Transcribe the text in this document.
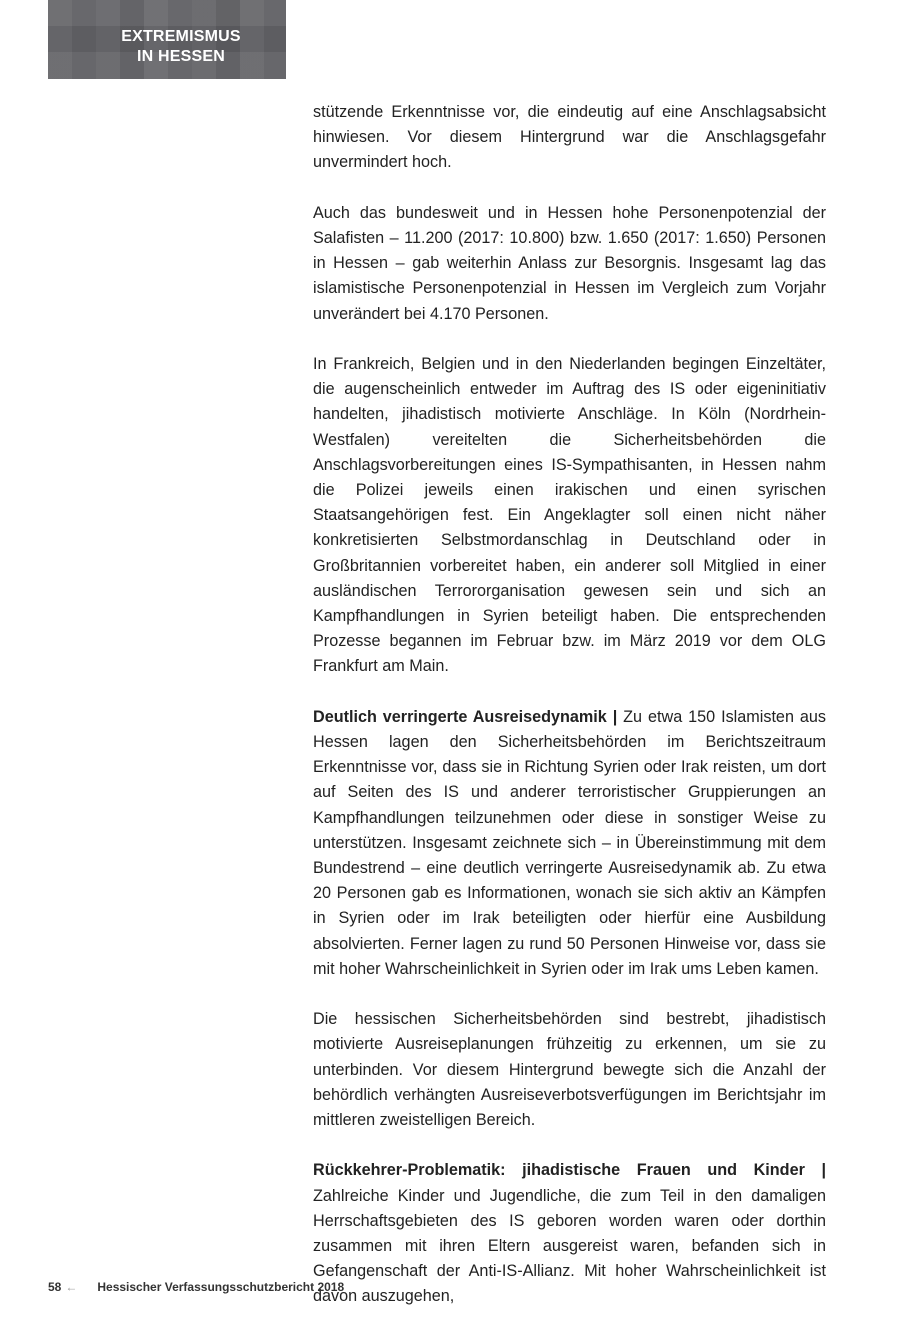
EXTREMISMUS
IN HESSEN

stützende Erkenntnisse vor, die eindeutig auf eine Anschlagsabsicht hinwiesen. Vor diesem Hintergrund war die Anschlagsgefahr unvermindert hoch.

Auch das bundesweit und in Hessen hohe Personenpotenzial der Salafisten – 11.200 (2017: 10.800) bzw. 1.650 (2017: 1.650) Personen in Hessen – gab weiterhin Anlass zur Besorgnis. Insgesamt lag das islamistische Personenpotenzial in Hessen im Vergleich zum Vorjahr unverändert bei 4.170 Personen.

In Frankreich, Belgien und in den Niederlanden begingen Einzeltäter, die augenscheinlich entweder im Auftrag des IS oder eigeninitiativ handelten, jihadistisch motivierte Anschläge. In Köln (Nordrhein-Westfalen) vereitelten die Sicherheitsbehörden die Anschlagsvorbereitungen eines IS-Sympathisanten, in Hessen nahm die Polizei jeweils einen irakischen und einen syrischen Staatsangehörigen fest. Ein Angeklagter soll einen nicht näher konkretisierten Selbstmordanschlag in Deutschland oder in Großbritannien vorbereitet haben, ein anderer soll Mitglied in einer ausländischen Terrororganisation gewesen sein und sich an Kampfhandlungen in Syrien beteiligt haben. Die entsprechenden Prozesse begannen im Februar bzw. im März 2019 vor dem OLG Frankfurt am Main.

Deutlich verringerte Ausreisedynamik | Zu etwa 150 Islamisten aus Hessen lagen den Sicherheitsbehörden im Berichtszeitraum Erkenntnisse vor, dass sie in Richtung Syrien oder Irak reisten, um dort auf Seiten des IS und anderer terroristischer Gruppierungen an Kampfhandlungen teilzunehmen oder diese in sonstiger Weise zu unterstützen. Insgesamt zeichnete sich – in Übereinstimmung mit dem Bundestrend – eine deutlich verringerte Ausreisedynamik ab. Zu etwa 20 Personen gab es Informationen, wonach sie sich aktiv an Kämpfen in Syrien oder im Irak beteiligten oder hierfür eine Ausbildung absolvierten. Ferner lagen zu rund 50 Personen Hinweise vor, dass sie mit hoher Wahrscheinlichkeit in Syrien oder im Irak ums Leben kamen.

Die hessischen Sicherheitsbehörden sind bestrebt, jihadistisch motivierte Ausreiseplanungen frühzeitig zu erkennen, um sie zu unterbinden. Vor diesem Hintergrund bewegte sich die Anzahl der behördlich verhängten Ausreiseverbotsverfügungen im Berichtsjahr im mittleren zweistelligen Bereich.

Rückkehrer-Problematik: jihadistische Frauen und Kinder | Zahlreiche Kinder und Jugendliche, die zum Teil in den damaligen Herrschaftsgebieten des IS geboren worden waren oder dorthin zusammen mit ihren Eltern ausgereist waren, befanden sich in Gefangenschaft der Anti-IS-Allianz. Mit hoher Wahrscheinlichkeit ist davon auszugehen,

58 ← Hessischer Verfassungsschutzbericht 2018
